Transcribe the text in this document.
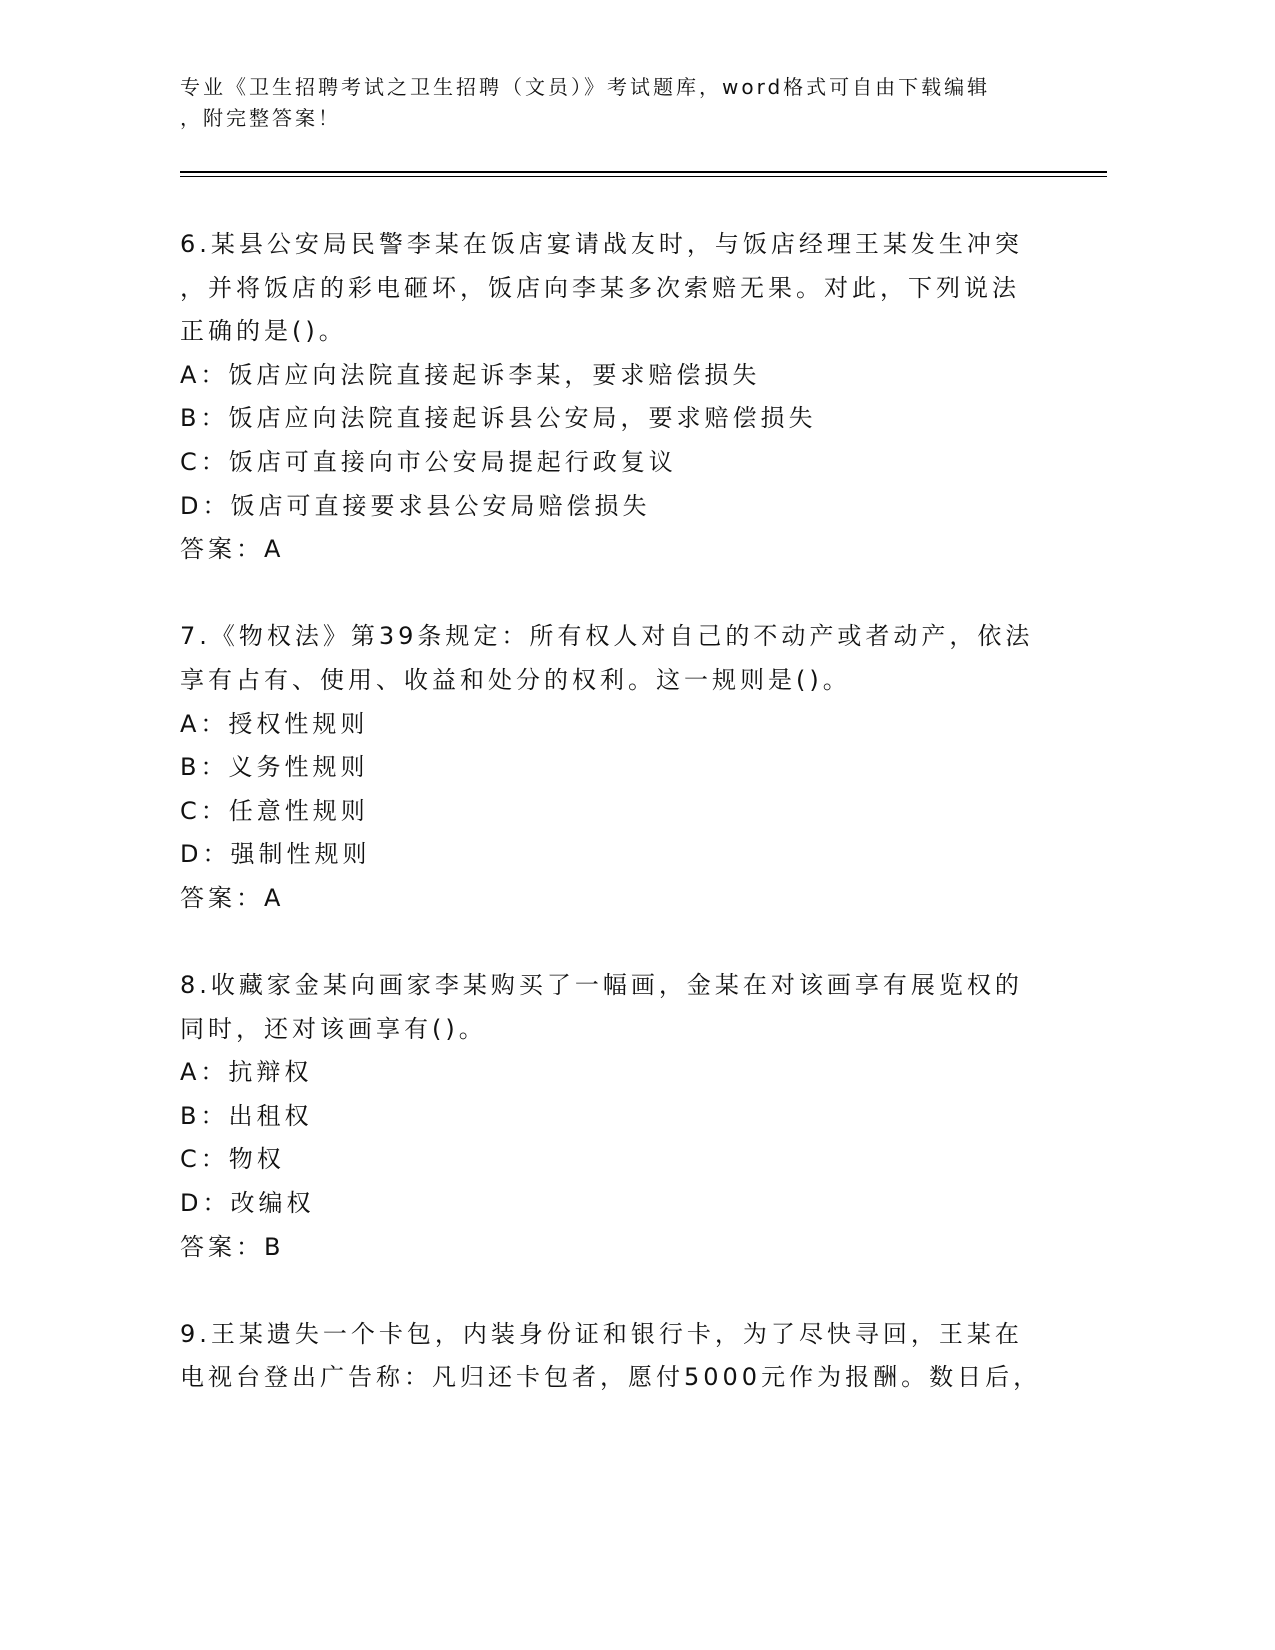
专业《卫生招聘考试之卫生招聘（文员）》考试题库，word格式可自由下载编辑
，附完整答案！
6.某县公安局民警李某在饭店宴请战友时，与饭店经理王某发生冲突
，并将饭店的彩电砸坏，饭店向李某多次索赔无果。对此，下列说法
正确的是()。
A：饭店应向法院直接起诉李某，要求赔偿损失
B：饭店应向法院直接起诉县公安局，要求赔偿损失
C：饭店可直接向市公安局提起行政复议
D：饭店可直接要求县公安局赔偿损失
答案：A
7.《物权法》第39条规定：所有权人对自己的不动产或者动产，依法
享有占有、使用、收益和处分的权利。这一规则是()。
A：授权性规则
B：义务性规则
C：任意性规则
D：强制性规则
答案：A
8.收藏家金某向画家李某购买了一幅画，金某在对该画享有展览权的
同时，还对该画享有()。
A：抗辩权
B：出租权
C：物权
D：改编权
答案：B
9.王某遗失一个卡包，内装身份证和银行卡，为了尽快寻回，王某在
电视台登出广告称：凡归还卡包者，愿付5000元作为报酬。数日后，
